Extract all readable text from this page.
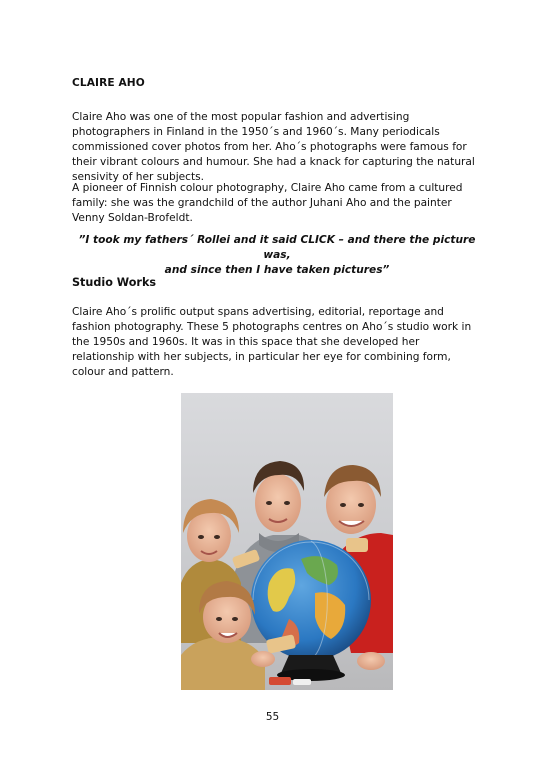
CLAIRE AHO
Claire Aho was one of the most popular fashion and advertising photographers in Finland in the 1950´s and 1960´s. Many periodicals commissioned cover photos from her. Aho´s photographs were famous for their vibrant colours and humour. She had a knack for capturing the natural sensivity of her subjects.
A pioneer of Finnish colour photography, Claire Aho came from a cultured family: she was the grandchild of the author Juhani Aho and the painter Venny Soldan-Brofeldt.
”I took my fathers´ Rollei and it said CLICK – and there the picture was,
and since then I have taken pictures”
Studio Works
Claire Aho´s prolific output spans advertising, editorial, reportage and fashion photography. These 5 photographs centres on Aho´s studio work in the 1950s and 1960s. It was in this space that she developed her relationship with her subjects, in particular her eye for combining form, colour and pattern.
55
